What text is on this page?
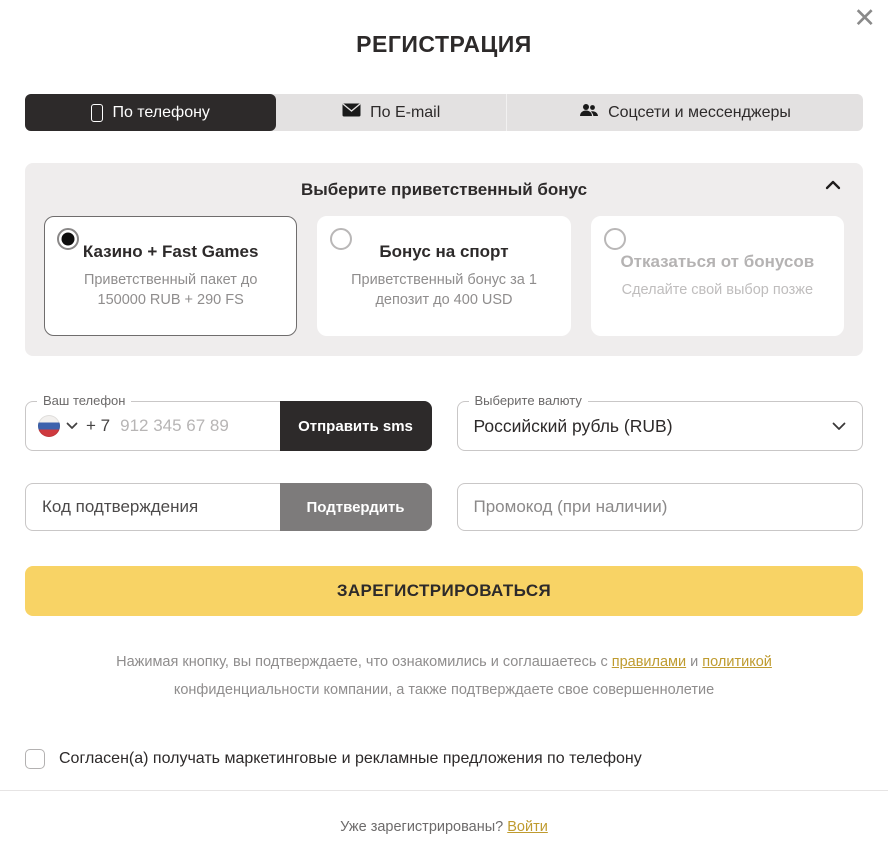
✕
РЕГИСТРАЦИЯ
По телефону	По E-mail	Соцсети и мессенджеры
Выберите приветственный бонус
Казино + Fast Games
Приветственный пакет до 150000 RUB + 290 FS
Бонус на спорт
Приветственный бонус за 1 депозит до 400 USD
Отказаться от бонусов
Сделайте свой выбор позже
Ваш телефон
+ 7
912 345 67 89	Отправить sms
Выберите валюту
Российский рубль (RUB)
Код подтверждения
Подтвердить
Промокод (при наличии)
ЗАРЕГИСТРИРОВАТЬСЯ

Нажимая кнопку, вы подтверждаете, что ознакомились и соглашаетесь с правилами и политикой конфиденциальности компании, а также подтверждаете свое совершеннолетие

Согласен(а) получать маркетинговые и рекламные предложения по телефону
Уже зарегистрированы? Войти
